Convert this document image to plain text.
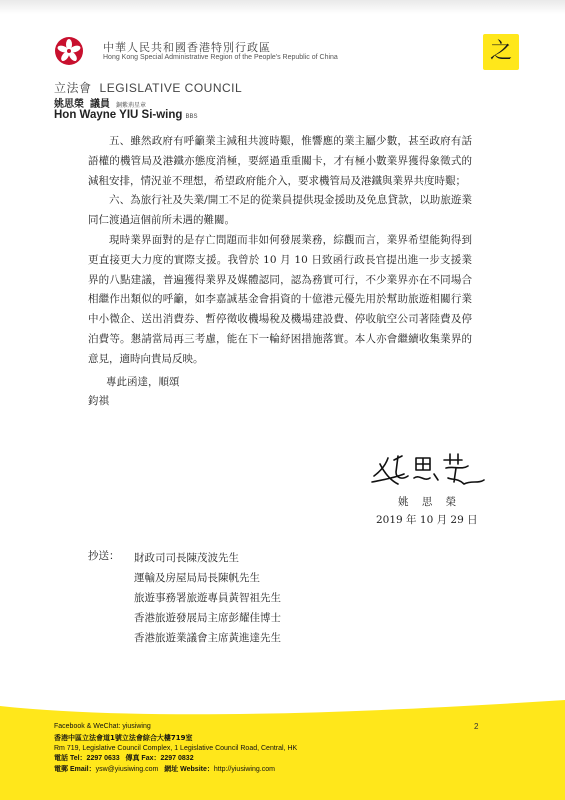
中華人民共和國香港特別行政區
Hong Kong Special Administrative Region of the People's Republic of China	之
立法會 LEGISLATIVE COUNCIL
姚思榮 議員 銅紫荊星章
Hon Wayne YIU Si-wing BBS

五、雖然政府有呼籲業主減租共渡時艱，惟響應的業主屬少數，甚至政府有話語權的機管局及港鐵亦態度消極，要經過重重關卡，才有極小數業界獲得象徵式的減租安排，情況並不理想，希望政府能介入，要求機管局及港鐵與業界共度時艱；

六、為旅行社及失業/開工不足的從業員提供現金援助及免息貸款，以助旅遊業同仁渡過這個前所未遇的難關。

現時業界面對的是存亡問題而非如何發展業務，綜觀而言，業界希望能夠得到更直接更大力度的實際支援。我曾於 10 月 10 日致函行政長官提出進一步支援業界的八點建議，普遍獲得業界及媒體認同，認為務實可行，不少業界亦在不同場合相繼作出類似的呼籲，如李嘉誠基金會捐資的十億港元優先用於幫助旅遊相關行業中小微企、送出消費券、暫停徵收機場稅及機場建設費、停收航空公司著陸費及停泊費等。懇請當局再三考慮，能在下一輪紓困措施落實。本人亦會繼續收集業界的意見，適時向貴局反映。

專此函達，順頌
鈞祺
姚 思 榮
2019 年 10 月 29 日
抄送： 財政司司長陳茂波先生
運輸及房屋局局長陳帆先生
旅遊事務署旅遊專員黃智祖先生
香港旅遊發展局主席彭耀佳博士
香港旅遊業議會主席黃進達先生
2
Facebook & WeChat: yiusiwing
香港中區立法會道1號立法會綜合大樓719室
Rm 719, Legislative Council Complex, 1 Legislative Council Road, Central, HK
電話 Tel：2297 0633 傳真 Fax：2297 0832
電郵 Email：ysw@yiusiwing.com 網址 Website：http://yiusiwing.com
